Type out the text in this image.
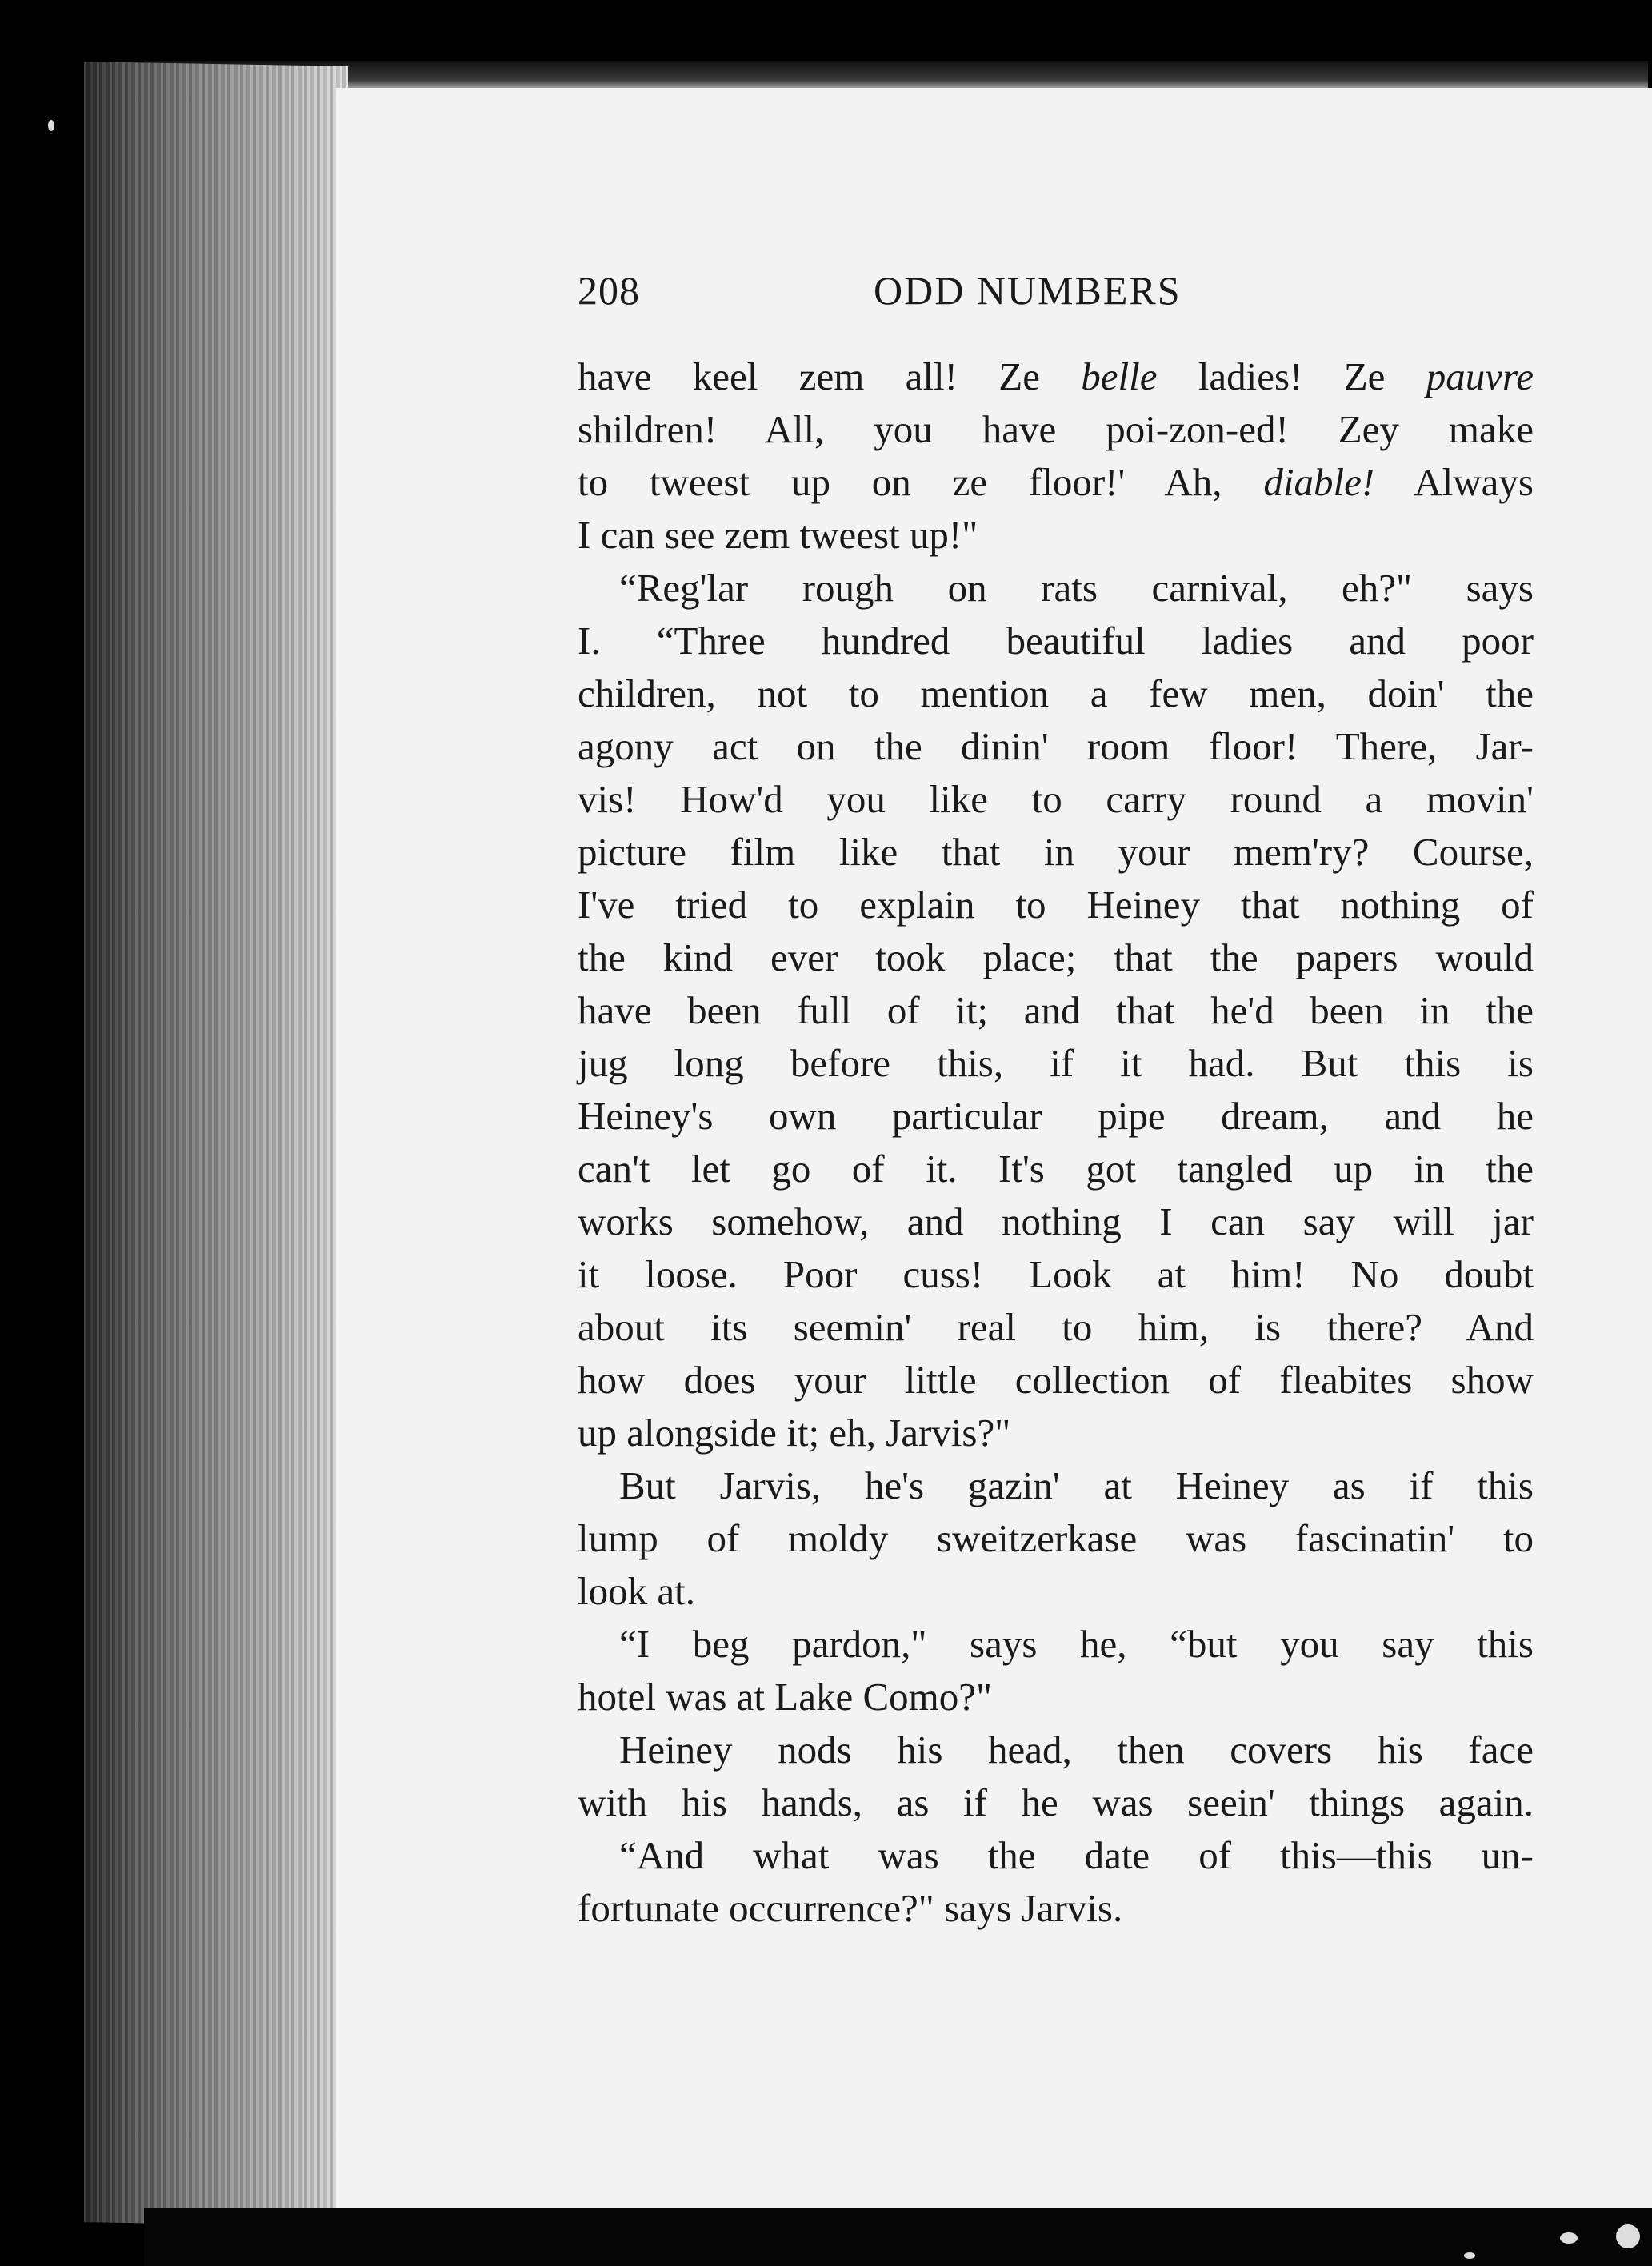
208	ODD NUMBERS
have keel zem all! Ze belle ladies! Ze pauvre
shildren! All, you have poi-zon-ed! Zey make
to tweest up on ze floor!' Ah, diable! Always
I can see zem tweest up!"
“Reg'lar rough on rats carnival, eh?" says
I. “Three hundred beautiful ladies and poor
children, not to mention a few men, doin' the
agony act on the dinin' room floor! There, Jar-
vis! How'd you like to carry round a movin'
picture film like that in your mem'ry? Course,
I've tried to explain to Heiney that nothing of
the kind ever took place; that the papers would
have been full of it; and that he'd been in the
jug long before this, if it had. But this is
Heiney's own particular pipe dream, and he
can't let go of it. It's got tangled up in the
works somehow, and nothing I can say will jar
it loose. Poor cuss! Look at him! No doubt
about its seemin' real to him, is there? And
how does your little collection of fleabites show
up alongside it; eh, Jarvis?"
But Jarvis, he's gazin' at Heiney as if this
lump of moldy sweitzerkase was fascinatin' to
look at.
“I beg pardon," says he, “but you say this
hotel was at Lake Como?"
Heiney nods his head, then covers his face
with his hands, as if he was seein' things again.
“And what was the date of this—this un-
fortunate occurrence?" says Jarvis.
